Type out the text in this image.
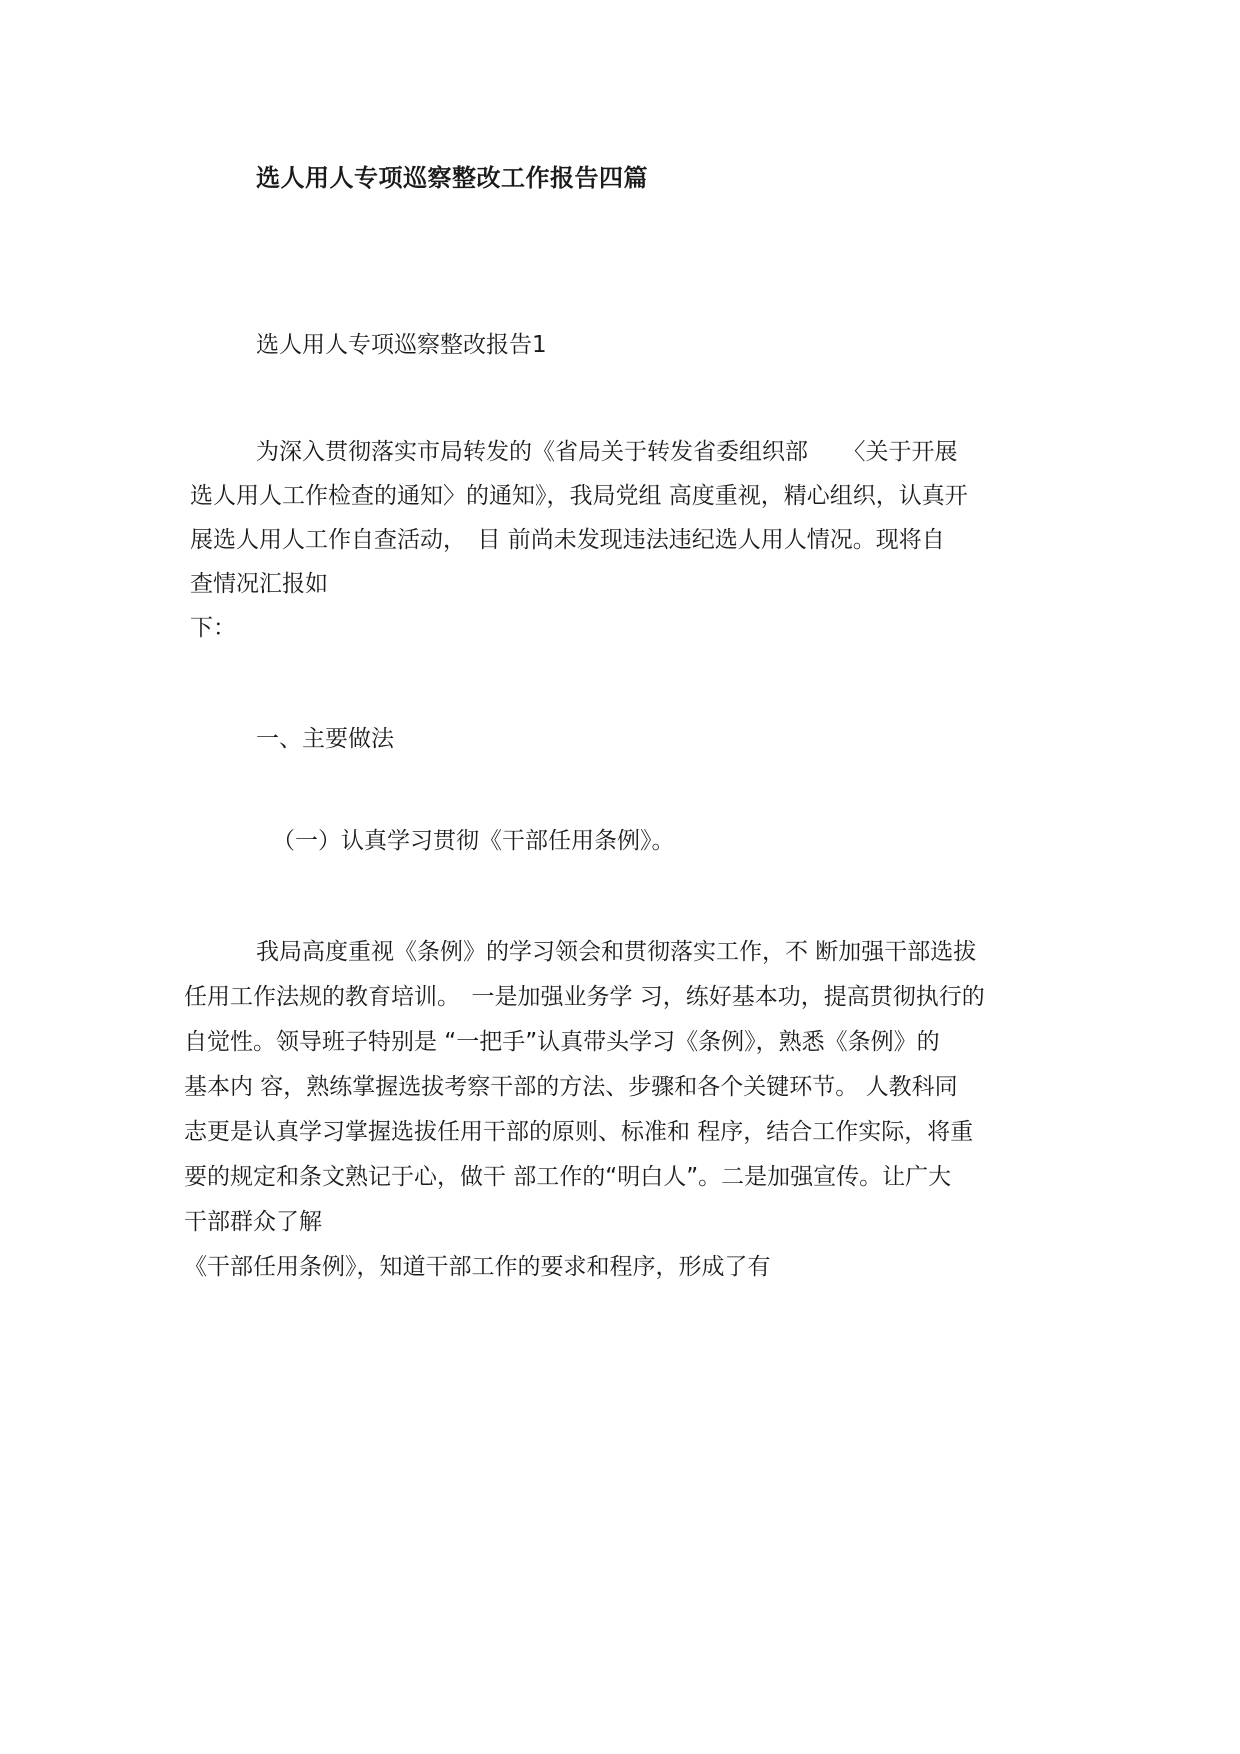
选人用人专项巡察整改工作报告四篇
选人用人专项巡察整改报告1
为深入贯彻落实市局转发的《省局关于转发省委组织部　　〈关于开展
选人用人工作检查的通知〉的通知》，我局党组 高度重视，精心组织，认真开
展选人用人工作自查活动，　目 前尚未发现违法违纪选人用人情况。现将自
查情况汇报如
下：
一、主要做法
（一）认真学习贯彻《干部任用条例》。
我局高度重视《条例》的学习领会和贯彻落实工作，不 断加强干部选拔
任用工作法规的教育培训。　一是加强业务学 习，练好基本功，提高贯彻执行的
自觉性。领导班子特别是 “一把手”认真带头学习《条例》，熟悉《条例》的
基本内 容，熟练掌握选拔考察干部的方法、步骤和各个关键环节。 人教科同
志更是认真学习掌握选拔任用干部的原则、标准和 程序，结合工作实际，将重
要的规定和条文熟记于心，做干 部工作的“明白人”。二是加强宣传。让广大
干部群众了解
《干部任用条例》，知道干部工作的要求和程序，形成了有
